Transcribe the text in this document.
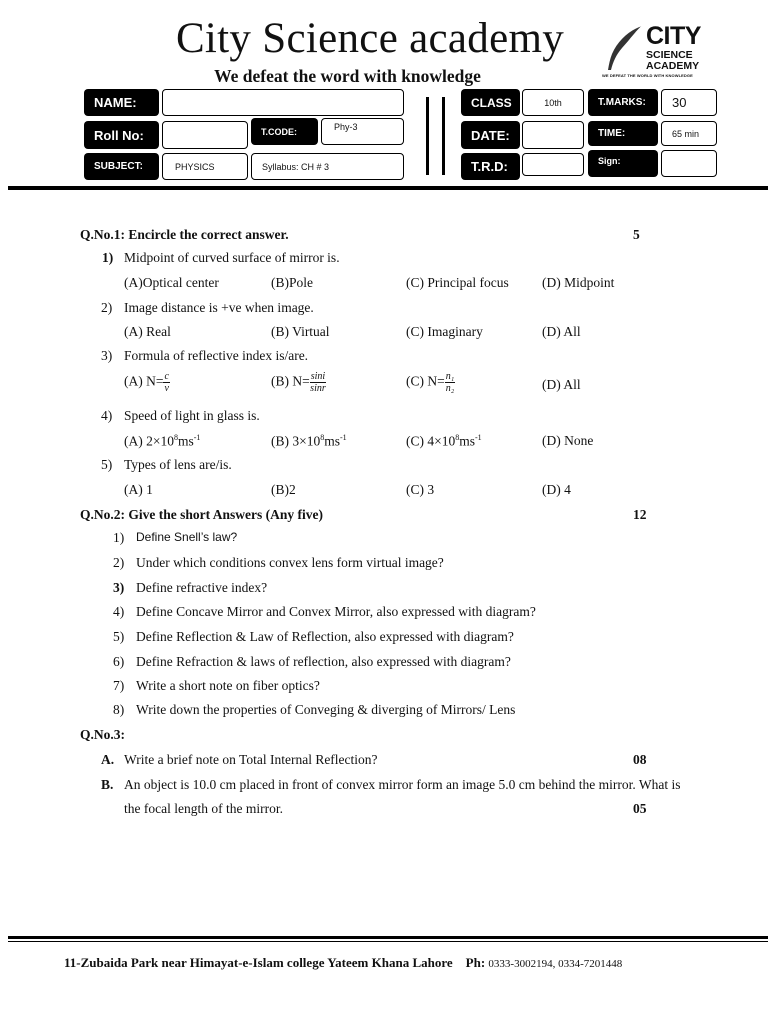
City Science academy
We defeat the word with knowledge
CITY
SCIENCE
ACADEMY
WE DEFEAT THE WORLD WITH KNOWLEDGE
NAME:
Roll No:	T.CODE:	Phy-3
SUBJECT:	PHYSICS	Syllabus: CH # 3
CLASS	10th
DATE:
T.R.D:
T.MARKS:	30
TIME:	65 min
Sign:
Q.No.1: Encircle the correct answer.	5
1) Midpoint of curved surface of mirror is.
(A)Optical center	(B)Pole	(C) Principal focus (D) Midpoint
2) Image distance is +ve when image.
(A) Real	(B) Virtual	(C) Imaginary	(D) All
3) Formula of reflective index is/are.
(A) $N= \frac{c}{v}$	(B) $N= \frac{\sin i}{\sin r}$	(C) $N= \frac{\text{n₁}}{\text{n₂}}$	(D) All
4) Speed of light in glass is.
(A) $2\times 10^8ms^{-1}$	(B) $3\times 10^8ms^{-1}$	(C) $4\times 10^8ms^{-1}$	(D) None
5) Types of lens are/is.
(A) 1	(B)2	(C) 3	(D) 4
Q.No.2: Give the short Answers (Any five)	12
1) Define Snell’s law?
2) Under which conditions convex lens form virtual image?
3) Define refractive index?
4) Define Concave Mirror and Convex Mirror, also expressed with diagram?
5) Define Reflection & Law of Reflection, also expressed with diagram?
6) Define Refraction & laws of reflection, also expressed with diagram?
7) Write a short note on fiber optics?
8) Write down the properties of Conveging & diverging of Mirrors/ Lens
Q.No.3:
A. Write a brief note on Total Internal Reflection?	08
B. An object is 10.0 cm placed in front of convex mirror form an image 5.0 cm behind the mirror. What is
the focal length of the mirror.	05
11-Zubaida Park near Himayat-e-Islam college Yateem Khana Lahore Ph: 0333-3002194, 0334-7201448
